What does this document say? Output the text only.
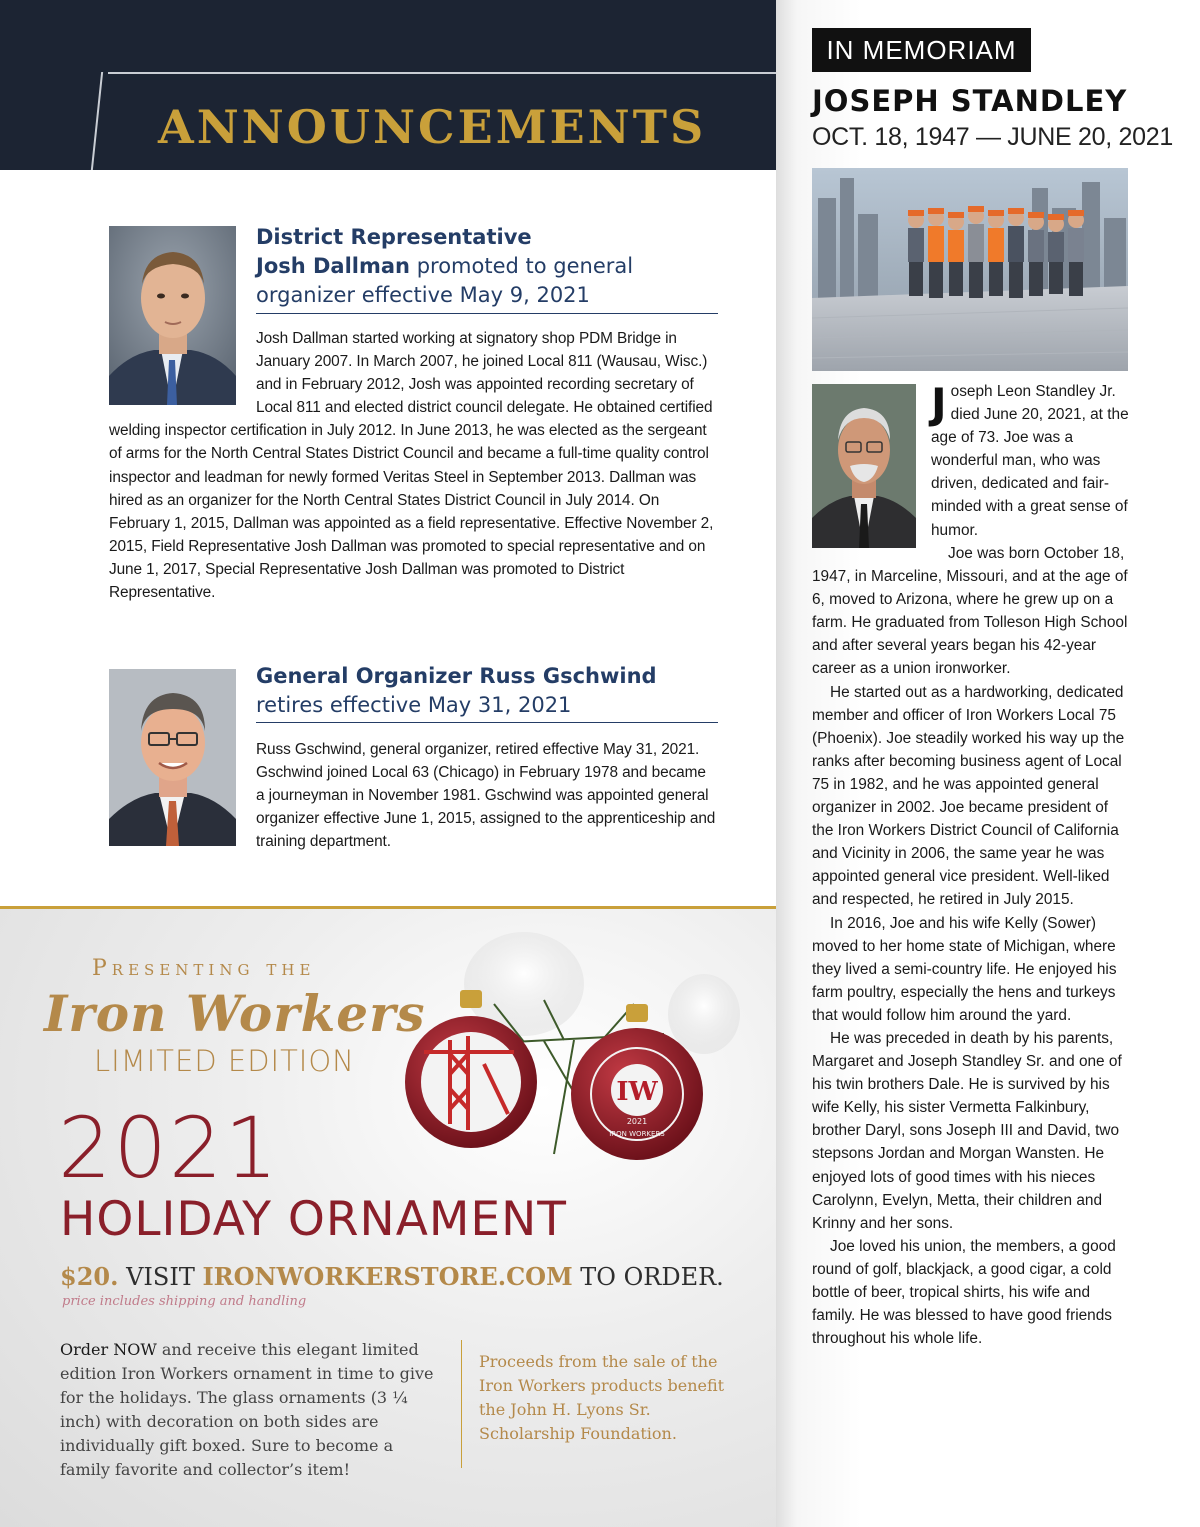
ANNOUNCEMENTS
District Representative
Josh Dallman promoted to general organizer effective May 9, 2021
Josh Dallman started working at signatory shop PDM Bridge in January 2007. In March 2007, he joined Local 811 (Wausau, Wisc.) and in February 2012, Josh was appointed recording secretary of Local 811 and elected district council delegate. He obtained certified welding inspector certification in July 2012. In June 2013, he was elected as the sergeant of arms for the North Central States District Council and became a full-time quality control inspector and leadman for newly formed Veritas Steel in September 2013. Dallman was hired as an organizer for the North Central States District Council in July 2014. On February 1, 2015, Dallman was appointed as a field representative. Effective November 2, 2015, Field Representative Josh Dallman was promoted to special representative and on June 1, 2017, Special Representative Josh Dallman was promoted to District Representative.
General Organizer Russ Gschwind
retires effective May 31, 2021
Russ Gschwind, general organizer, retired effective May 31, 2021. Gschwind joined Local 63 (Chicago) in February 1978 and became a journeyman in November 1981. Gschwind was appointed general organizer effective June 1, 2015, assigned to the apprenticeship and training department.
IW
2021
IRON WORKERS
Presenting the
Iron Workers
LIMITED EDITION
2021
HOLIDAY ORNAMENT
$20. VISIT IRONWORKERSTORE.COM TO ORDER.
price includes shipping and handling
Order NOW and receive this elegant limited edition Iron Workers ornament in time to give for the holidays. The glass ornaments (3 ¼ inch) with decoration on both sides are individually gift boxed. Sure to become a family favorite and collector’s item!
Proceeds from the sale of the Iron Workers products benefit the John H. Lyons Sr. Scholarship Foundation.
IN MEMORIAM
JOSEPH STANDLEY
OCT. 18, 1947 — JUNE 20, 2021
Joseph Leon Standley Jr. died June 20, 2021, at the age of 73. Joe was a wonderful man, who was driven, dedicated and fair-minded with a great sense of humor.

Joe was born October 18, 1947, in Marceline, Missouri, and at the age of 6, moved to Arizona, where he grew up on a farm. He graduated from Tolleson High School and after several years began his 42-year career as a union ironworker.

He started out as a hardworking, dedicated member and officer of Iron Workers Local 75 (Phoenix). Joe steadily worked his way up the ranks after becoming business agent of Local 75 in 1982, and he was appointed general organizer in 2002. Joe became president of the Iron Workers District Council of California and Vicinity in 2006, the same year he was appointed general vice president. Well-liked and respected, he retired in July 2015.

In 2016, Joe and his wife Kelly (Sower) moved to her home state of Michigan, where they lived a semi-country life. He enjoyed his farm poultry, especially the hens and turkeys that would follow him around the yard.

He was preceded in death by his parents, Margaret and Joseph Standley Sr. and one of his twin brothers Dale. He is survived by his wife Kelly, his sister Vermetta Falkinbury, brother Daryl, sons Joseph III and David, two stepsons Jordan and Morgan Wansten. He enjoyed lots of good times with his nieces Carolynn, Evelyn, Metta, their children and Krinny and her sons.

Joe loved his union, the members, a good round of golf, blackjack, a good cigar, a cold bottle of beer, tropical shirts, his wife and family. He was blessed to have good friends throughout his whole life.
